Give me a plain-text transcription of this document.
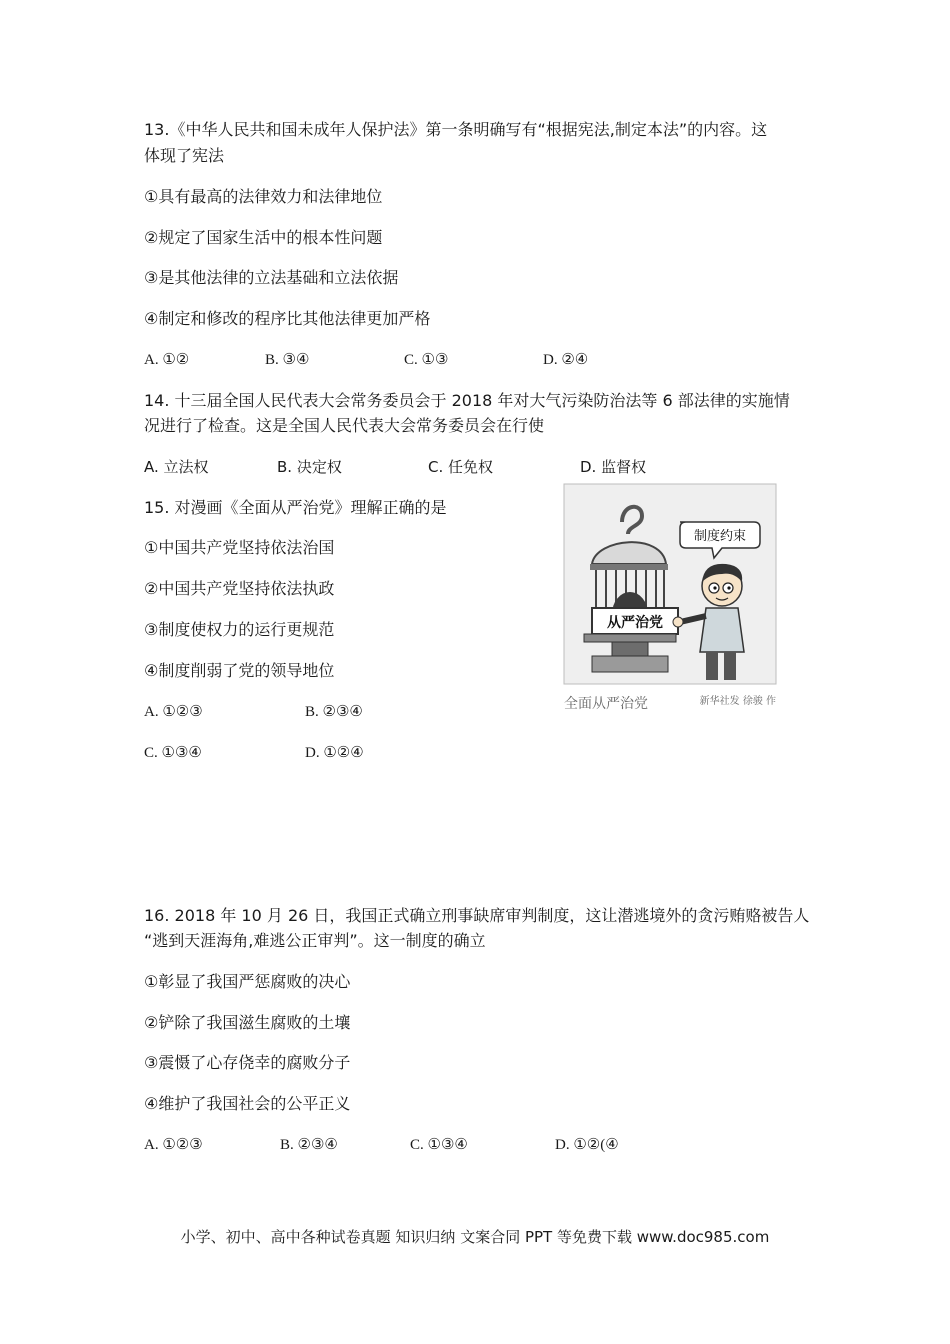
13.《中华人民共和国未成年人保护法》第一条明确写有“根据宪法,制定本法”的内容。这
体现了宪法
①具有最高的法律效力和法律地位
②规定了国家生活中的根本性问题
③是其他法律的立法基础和立法依据
④制定和修改的程序比其他法律更加严格
A. ①②	B. ③④	C. ①③	D. ②④
14. 十三届全国人民代表大会常务委员会于 2018 年对大气污染防治法等 6 部法律的实施情
况进行了检查。这是全国人民代表大会常务委员会在行使
A. 立法权	B. 决定权	C. 任免权	D. 监督权
15. 对漫画《全面从严治党》理解正确的是
①中国共产党坚持依法治国
②中国共产党坚持依法执政
③制度使权力的运行更规范
④制度削弱了党的领导地位
A. ①②③	B. ②③④
C. ①③④	D. ①②④
从严治党
制度约束
全面从严治党	新华社发 徐骏 作
16. 2018 年 10 月 26 日，我国正式确立刑事缺席审判制度，这让潜逃境外的贪污贿赂被告人
“逃到天涯海角,难逃公正审判”。这一制度的确立
①彰显了我国严惩腐败的决心
②铲除了我国滋生腐败的土壤
③震慑了心存侥幸的腐败分子
④维护了我国社会的公平正义
A. ①②③	B. ②③④	C. ①③④	D. ①②(④
小学、初中、高中各种试卷真题 知识归纳 文案合同 PPT 等免费下载 www.doc985.com
